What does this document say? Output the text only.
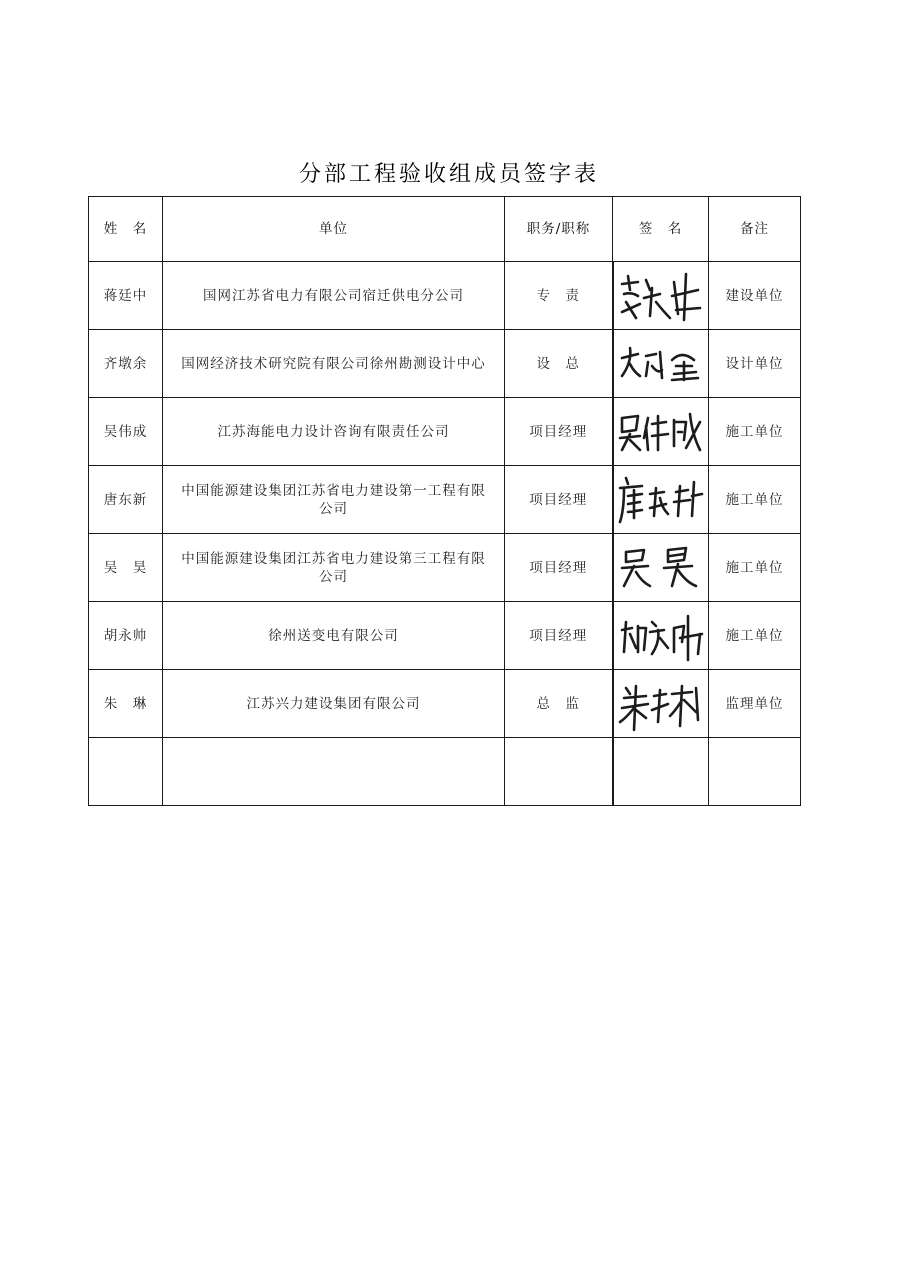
分部工程验收组成员签字表
姓　名	单位	职务/职称	签　名	备注
蒋廷中	国网江苏省电力有限公司宿迁供电分公司	专　责		建设单位
齐墩余	国网经济技术研究院有限公司徐州勘测设计中心	设　总		设计单位
吴伟成	江苏海能电力设计咨询有限责任公司	项目经理		施工单位
唐东新	中国能源建设集团江苏省电力建设第一工程有限公司	项目经理		施工单位
吴　昊	中国能源建设集团江苏省电力建设第三工程有限公司	项目经理		施工单位
胡永帅	徐州送变电有限公司	项目经理		施工单位
朱　琳	江苏兴力建设集团有限公司	总　监		监理单位
